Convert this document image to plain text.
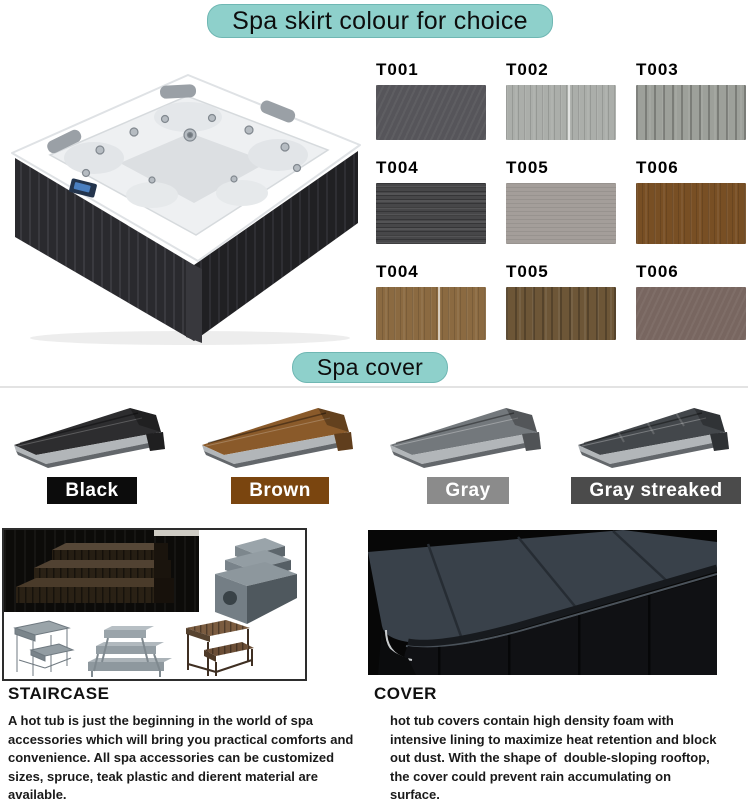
Spa skirt colour for choice
T001	T002	T003
T004	T005	T006
T004	T005	T006
Spa cover
Black	Brown	Gray	Gray streaked
STAIRCASE

A hot tub is just the beginning in the world of spa accessories which will bring you practical comforts and convenience. All spa accessories can be customized  sizes, spruce, teak plastic and dierent material are available.

COVER

hot tub covers contain high density foam with intensive lining to maximize heat retention and block out dust. With the shape of  double-sloping rooftop, the cover could prevent rain accumulating on surface.
